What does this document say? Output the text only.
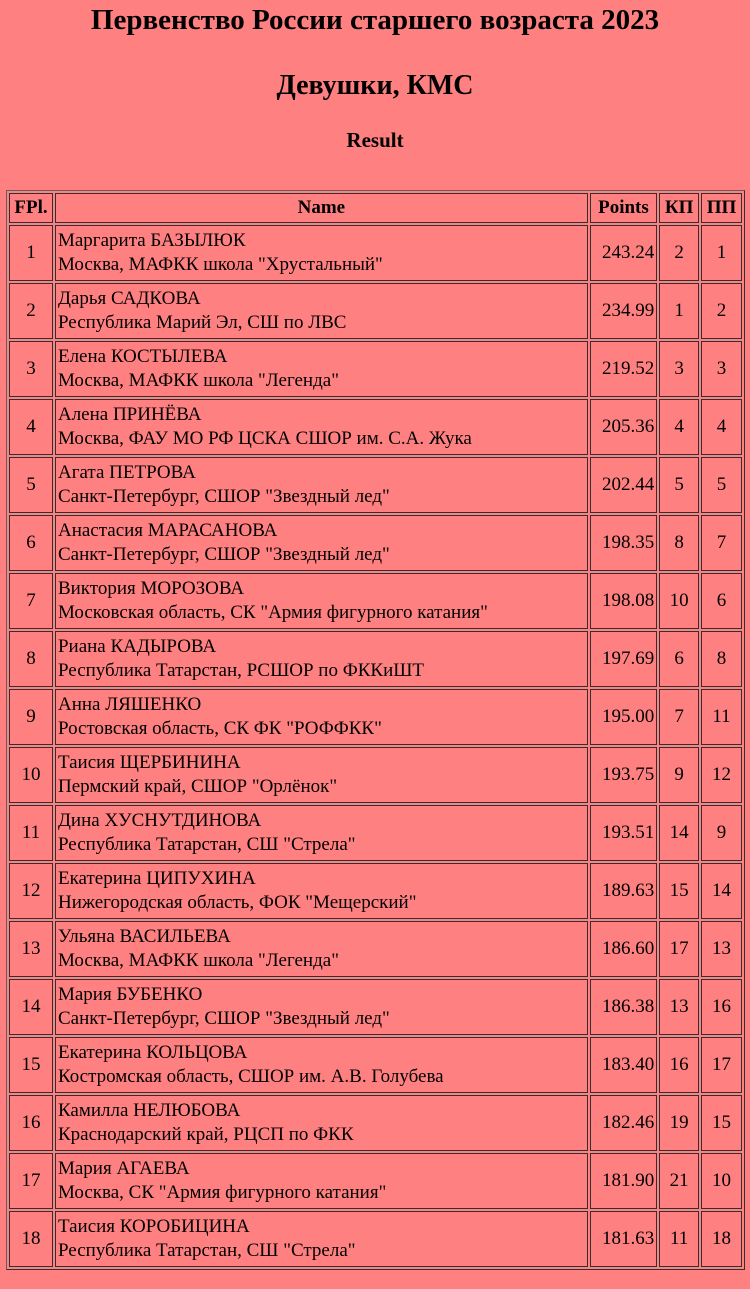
Первенство России старшего возраста 2023
Девушки, КМС
Result
FPl.	Name	Points	КП	ПП
1	Маргарита БАЗЫЛЮК
Москва, МАФКК школа "Хрустальный"	243.24	2	1
2	Дарья САДКОВА
Республика Марий Эл, СШ по ЛВС	234.99	1	2
3	Елена КОСТЫЛЕВА
Москва, МАФКК школа "Легенда"	219.52	3	3
4	Алена ПРИНЁВА
Москва, ФАУ МО РФ ЦСКА СШОР им. С.А. Жука	205.36	4	4
5	Агата ПЕТРОВА
Санкт-Петербург, СШОР "Звездный лед"	202.44	5	5
6	Анастасия МАРАСАНОВА
Санкт-Петербург, СШОР "Звездный лед"	198.35	8	7
7	Виктория МОРОЗОВА
Московская область, СК "Армия фигурного катания"	198.08	10	6
8	Риана КАДЫРОВА
Республика Татарстан, РСШОР по ФККиШТ	197.69	6	8
9	Анна ЛЯШЕНКО
Ростовская область, СК ФК "РОФФКК"	195.00	7	11
10	Таисия ЩЕРБИНИНА
Пермский край, СШОР "Орлёнок"	193.75	9	12
11	Дина ХУСНУТДИНОВА
Республика Татарстан, СШ "Стрела"	193.51	14	9
12	Екатерина ЦИПУХИНА
Нижегородская область, ФОК "Мещерский"	189.63	15	14
13	Ульяна ВАСИЛЬЕВА
Москва, МАФКК школа "Легенда"	186.60	17	13
14	Мария БУБЕНКО
Санкт-Петербург, СШОР "Звездный лед"	186.38	13	16
15	Екатерина КОЛЬЦОВА
Костромская область, СШОР им. А.В. Голубева	183.40	16	17
16	Камилла НЕЛЮБОВА
Краснодарский край, РЦСП по ФКК	182.46	19	15
17	Мария АГАЕВА
Москва, СК "Армия фигурного катания"	181.90	21	10
18	Таисия КОРОБИЦИНА
Республика Татарстан, СШ "Стрела"	181.63	11	18
